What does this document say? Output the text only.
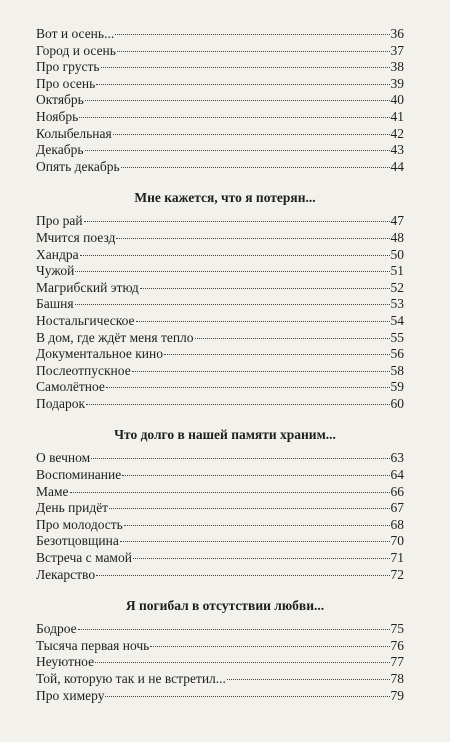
Вот и осень...	36
Город и осень	37
Про грусть	38
Про осень	39
Октябрь	40
Ноябрь	41
Колыбельная	42
Декабрь	43
Опять декабрь	44
Мне кажется, что я потерян...
Про рай	47
Мчится поезд	48
Хандра	50
Чужой	51
Магрибский этюд	52
Башня	53
Ностальгическое	54
В дом, где ждёт меня тепло	55
Документальное кино	56
Послеотпускное	58
Самолётное	59
Подарок	60
Что долго в нашей памяти храним...
О вечном	63
Воспоминание	64
Маме	66
День придёт	67
Про молодость	68
Безотцовщина	70
Встреча с мамой	71
Лекарство	72
Я погибал в отсутствии любви...
Бодрое	75
Тысяча первая ночь	76
Неуютное	77
Той, которую так и не встретил...	78
Про химеру	79
